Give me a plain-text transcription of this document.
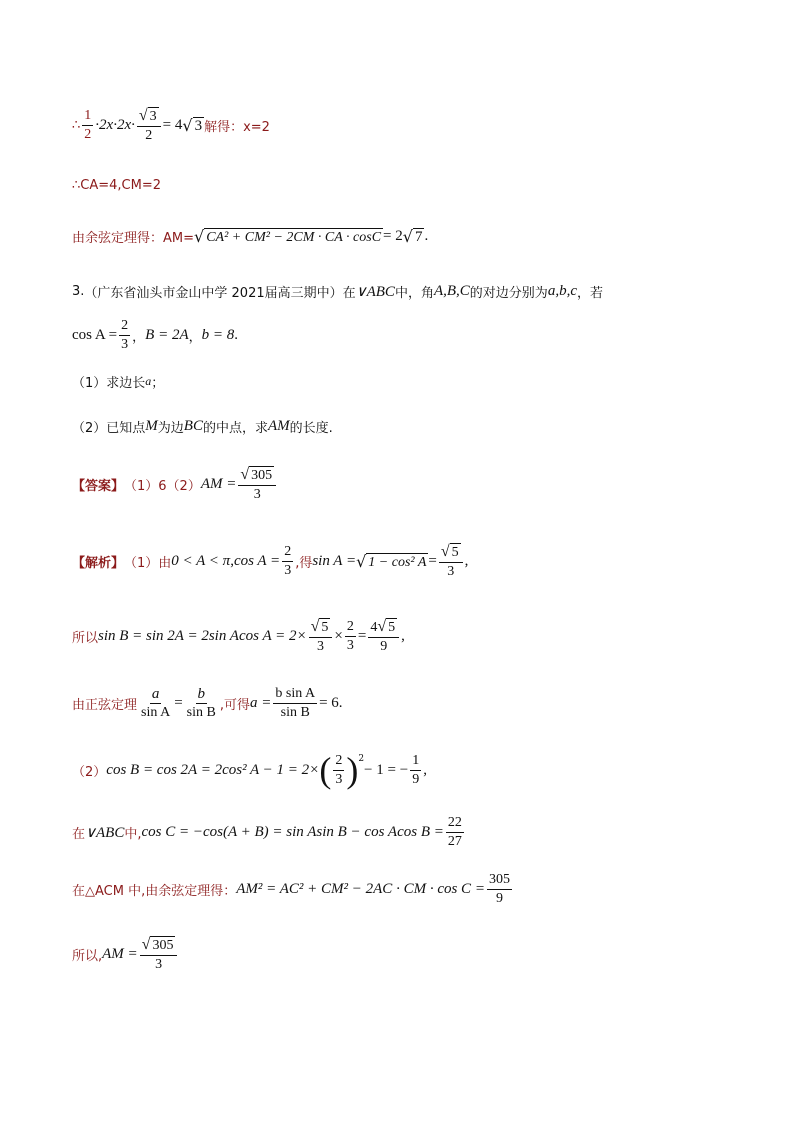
∴ $\frac{1}{2} \cdot 2x\cdot 2x\cdot \frac{√ 3}{2} = 4$ √ 3 解得：x=2
∴CA=4,CM=2
由余弦定理得：AM= √ CA² + CM² − 2CM · CA · cosC = 2 √ 7 .
3. （广东省汕头市金山中学 2021届高三期中）在 ∨ABC 中，角 A,B,C 的对边分别为 a,b,c ，若
$\cos A = \frac{2}{3}$ ， B = 2A ， b = 8 .
（1）求边长 a ；
（2）已知点 M 为边 BC 的中点，求 AM 的长度.
【答案】 （1）6（2） AM = $\frac{√ 305}{3}$
【解析】 （1）由 0 < A < π , $\cos A = \frac{2}{3}$ ,得 sin A = √ 1 − cos² $A = \frac{√ 5}{3}$ ,
所以 sin B = sin 2A = 2sin Acos $A = 2\times \frac{√ 5}{3} \times \frac{2}{3} = \frac{4 √ 5}{9}$ ,
由正弦定理 $\frac{a}{\text{sin A}} = \frac{b}{\text{sin B}}$ ,可得 $a = \frac{\text{b sin A}}{\text{sin B}} = 6$ .
（2） cos B = cos 2A = 2cos² A − 1 = 2× ( $\frac{2}{3} )^2$
− 1 = − $\frac{1}{9}$ ,
在 ∨ABC 中, cos C = −cos(A + B) = sin Asin B − cos Acos $B = \frac{22}{27}$
在△ACM 中,由余弦定理得： AM² = AC² + CM² − 2AC · CM · $\cos C = \frac{305}{9}$
所以, AM = $\frac{√ 305}{3}$
